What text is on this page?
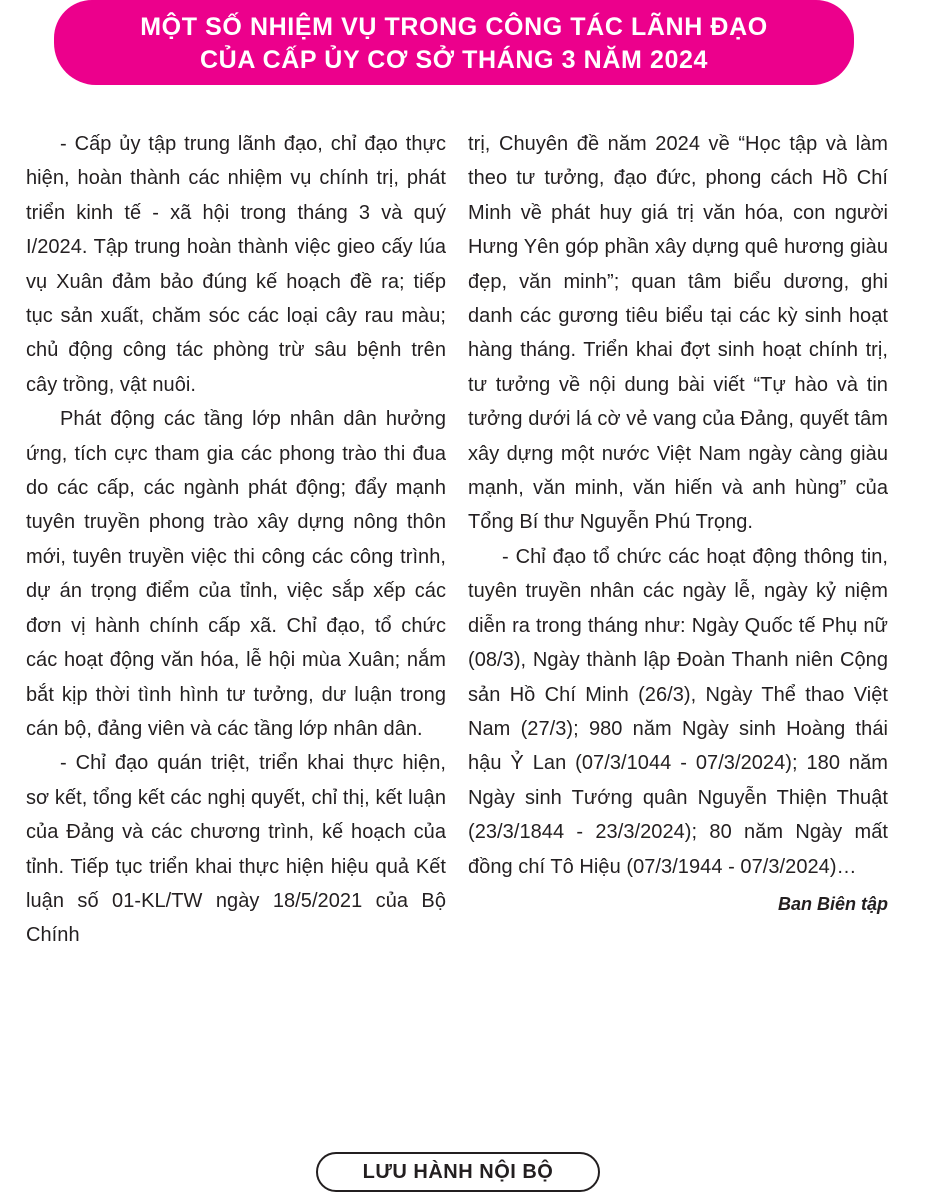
MỘT SỐ NHIỆM VỤ TRONG CÔNG TÁC LÃNH ĐẠO
CỦA CẤP ỦY CƠ SỞ THÁNG 3 NĂM 2024

- Cấp ủy tập trung lãnh đạo, chỉ đạo thực hiện, hoàn thành các nhiệm vụ chính trị, phát triển kinh tế - xã hội trong tháng 3 và quý I/2024. Tập trung hoàn thành việc gieo cấy lúa vụ Xuân đảm bảo đúng kế hoạch đề ra; tiếp tục sản xuất, chăm sóc các loại cây rau màu; chủ động công tác phòng trừ sâu bệnh trên cây trồng, vật nuôi.

Phát động các tầng lớp nhân dân hưởng ứng, tích cực tham gia các phong trào thi đua do các cấp, các ngành phát động; đẩy mạnh tuyên truyền phong trào xây dựng nông thôn mới, tuyên truyền việc thi công các công trình, dự án trọng điểm của tỉnh, việc sắp xếp các đơn vị hành chính cấp xã. Chỉ đạo, tổ chức các hoạt động văn hóa, lễ hội mùa Xuân; nắm bắt kịp thời tình hình tư tưởng, dư luận trong cán bộ, đảng viên và các tầng lớp nhân dân.

- Chỉ đạo quán triệt, triển khai thực hiện, sơ kết, tổng kết các nghị quyết, chỉ thị, kết luận của Đảng và các chương trình, kế hoạch của tỉnh. Tiếp tục triển khai thực hiện hiệu quả Kết luận số 01-KL/TW ngày 18/5/2021 của Bộ Chính

trị, Chuyên đề năm 2024 về “Học tập và làm theo tư tưởng, đạo đức, phong cách Hồ Chí Minh về phát huy giá trị văn hóa, con người Hưng Yên góp phần xây dựng quê hương giàu đẹp, văn minh”; quan tâm biểu dương, ghi danh các gương tiêu biểu tại các kỳ sinh hoạt hàng tháng. Triển khai đợt sinh hoạt chính trị, tư tưởng về nội dung bài viết “Tự hào và tin tưởng dưới lá cờ vẻ vang của Đảng, quyết tâm xây dựng một nước Việt Nam ngày càng giàu mạnh, văn minh, văn hiến và anh hùng” của Tổng Bí thư Nguyễn Phú Trọng.

- Chỉ đạo tổ chức các hoạt động thông tin, tuyên truyền nhân các ngày lễ, ngày kỷ niệm diễn ra trong tháng như: Ngày Quốc tế Phụ nữ (08/3), Ngày thành lập Đoàn Thanh niên Cộng sản Hồ Chí Minh (26/3), Ngày Thể thao Việt Nam (27/3); 980 năm Ngày sinh Hoàng thái hậu Ỷ Lan (07/3/1044 - 07/3/2024); 180 năm Ngày sinh Tướng quân Nguyễn Thiện Thuật (23/3/1844 - 23/3/2024); 80 năm Ngày mất đồng chí Tô Hiệu (07/3/1944 - 07/3/2024)…

Ban Biên tập

LƯU HÀNH NỘI BỘ
